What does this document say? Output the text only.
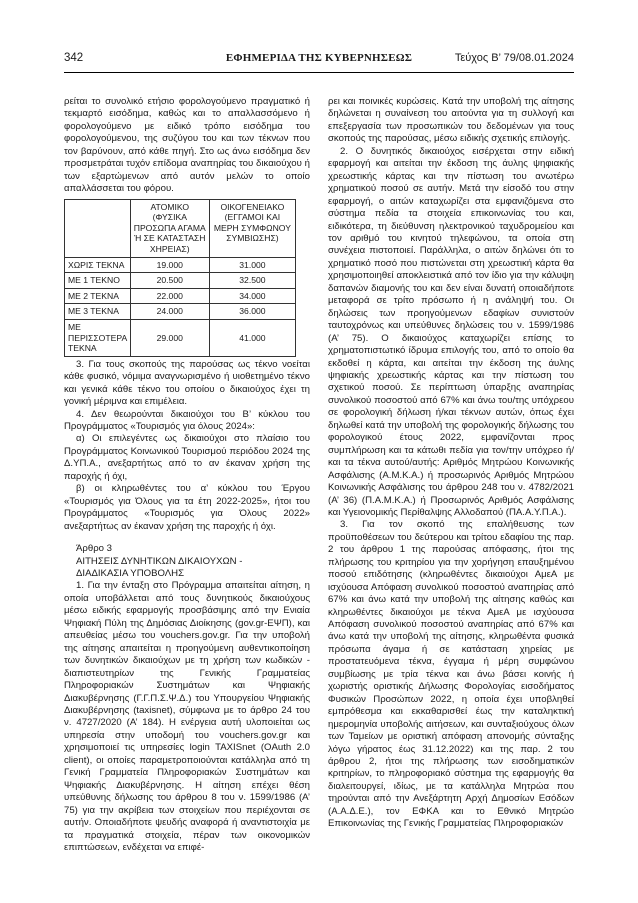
342	ΕΦΗΜΕΡΙΔΑ ΤΗΣ ΚΥΒΕΡΝΗΣΕΩΣ	Τεύχος B’ 79/08.01.2024

ρείται το συνολικό ετήσιο φορολογούμενο πραγματικό ή τεκμαρτό εισόδημα, καθώς και το απαλλασσόμενο ή φορολογούμενο με ειδικό τρόπο εισόδημα του φορολογούμενου, της συζύγου του και των τέκνων που τον βαρύνουν, από κάθε πηγή. Στο ως άνω εισόδημα δεν προσμετράται τυχόν επίδομα αναπηρίας του δικαιούχου ή των εξαρτώμενων από αυτόν μελών το οποίο απαλλάσσεται του φόρου.

	ΑΤΟΜΙΚΟ (ΦΥΣΙΚΑ ΠΡΟΣΩΠΑ ΑΓΑΜΑ Ή ΣΕ ΚΑΤΑΣΤΑΣΗ ΧΗΡΕΙΑΣ)	ΟΙΚΟΓΕΝΕΙΑΚΟ (ΕΓΓΑΜΟΙ ΚΑΙ ΜΕΡΗ ΣΥΜΦΩΝΟΥ ΣΥΜΒΙΩΣΗΣ)
ΧΩΡΙΣ ΤΕΚΝΑ	19.000	31.000
ΜΕ 1 ΤΕΚΝΟ	20.500	32.500
ΜΕ 2 ΤΕΚΝΑ	22.000	34.000
ΜΕ 3 ΤΕΚΝΑ	24.000	36.000
ΜΕ ΠΕΡΙΣΣΟΤΕΡΑ ΤΕΚΝΑ	29.000	41.000

3. Για τους σκοπούς της παρούσας ως τέκνο νοείται κάθε φυσικό, νόμιμα αναγνωρισμένο ή υιοθετημένο τέκνο και γενικά κάθε τέκνο του οποίου ο δικαιούχος έχει τη γονική μέριμνα και επιμέλεια.

4. Δεν θεωρούνται δικαιούχοι του B’ κύκλου του Προγράμματος «Τουρισμός για όλους 2024»:

α) Οι επιλεγέντες ως δικαιούχοι στο πλαίσιο του Προγράμματος Κοινωνικού Τουρισμού περιόδου 2024 της Δ.ΥΠ.Α., ανεξαρτήτως από το αν έκαναν χρήση της παροχής ή όχι,

β) οι κληρωθέντες του α’ κύκλου του Έργου «Τουρισμός για Όλους για τα έτη 2022-2025», ήτοι του Προγράμματος «Τουρισμός για Όλους 2022» ανεξαρτήτως αν έκαναν χρήση της παροχής ή όχι.

Άρθρο 3

ΑΙΤΗΣΕΙΣ ΔΥΝΗΤΙΚΩΝ ΔΙΚΑΙΟΥΧΩΝ -

ΔΙΑΔΙΚΑΣΙΑ ΥΠΟΒΟΛΗΣ

1. Για την ένταξη στο Πρόγραμμα απαιτείται αίτηση, η οποία υποβάλλεται από τους δυνητικούς δικαιούχους μέσω ειδικής εφαρμογής προσβάσιμης από την Ενιαία Ψηφιακή Πύλη της Δημόσιας Διοίκησης (gov.gr-ΕΨΠ), και απευθείας μέσω του vouchers.gov.gr. Για την υποβολή της αίτησης απαιτείται η προηγούμενη αυθεντικοποίηση των δυνητικών δικαιούχων με τη χρήση των κωδικών - διαπιστευτηρίων της Γενικής Γραμματείας Πληροφοριακών Συστημάτων και Ψηφιακής Διακυβέρνησης (Γ.Γ.Π.Σ.Ψ.Δ.) του Υπουργείου Ψηφιακής Διακυβέρνησης (taxisnet), σύμφωνα με το άρθρο 24 του ν. 4727/2020 (Α’ 184). Η ενέργεια αυτή υλοποιείται ως υπηρεσία στην υποδομή του vouchers.gov.gr και χρησιμοποιεί τις υπηρεσίες login TAXISnet (OAuth 2.0 client), οι οποίες παραμετροποιούνται κατάλληλα από τη Γενική Γραμματεία Πληροφοριακών Συστημάτων και Ψηφιακής Διακυβέρνησης. Η αίτηση επέχει θέση υπεύθυνης δήλωσης του άρθρου 8 του ν. 1599/1986 (Α’ 75) για την ακρίβεια των στοιχείων που περιέχονται σε αυτήν. Οποιαδήποτε ψευδής αναφορά ή αναντιστοιχία με τα πραγματικά στοιχεία, πέραν των οικονομικών επιπτώσεων, ενδέχεται να επιφέ-

ρει και ποινικές κυρώσεις. Κατά την υποβολή της αίτησης δηλώνεται η συναίνεση του αιτούντα για τη συλλογή και επεξεργασία των προσωπικών του δεδομένων για τους σκοπούς της παρούσας, μέσω ειδικής σχετικής επιλογής.

2. Ο δυνητικός δικαιούχος εισέρχεται στην ειδική εφαρμογή και αιτείται την έκδοση της άυλης ψηφιακής χρεωστικής κάρτας και την πίστωση του ανωτέρω χρηματικού ποσού σε αυτήν. Μετά την είσοδό του στην εφαρμογή, ο αιτών καταχωρίζει στα εμφανιζόμενα στο σύστημα πεδία τα στοιχεία επικοινωνίας του και, ειδικότερα, τη διεύθυνση ηλεκτρονικού ταχυδρομείου και τον αριθμό του κινητού τηλεφώνου, τα οποία στη συνέχεια πιστοποιεί. Παράλληλα, ο αιτών δηλώνει ότι το χρηματικό ποσό που πιστώνεται στη χρεωστική κάρτα θα χρησιμοποιηθεί αποκλειστικά από τον ίδιο για την κάλυψη δαπανών διαμονής του και δεν είναι δυνατή οποιαδήποτε μεταφορά σε τρίτο πρόσωπο ή η ανάληψή του. Οι δηλώσεις των προηγούμενων εδαφίων συνιστούν ταυτοχρόνως και υπεύθυνες δηλώσεις του ν. 1599/1986 (Α’ 75). Ο δικαιούχος καταχωρίζει επίσης το χρηματοπιστωτικό ίδρυμα επιλογής του, από το οποίο θα εκδοθεί η κάρτα, και αιτείται την έκδοση της άυλης ψηφιακής χρεωστικής κάρτας και την πίστωση του σχετικού ποσού. Σε περίπτωση ύπαρξης αναπηρίας συνολικού ποσοστού από 67% και άνω του/της υπόχρεου σε φορολογική δήλωση ή/και τέκνων αυτών, όπως έχει δηλωθεί κατά την υποβολή της φορολογικής δήλωσης του φορολογικού έτους 2022, εμφανίζονται προς συμπλήρωση και τα κάτωθι πεδία για τον/την υπόχρεο ή/και τα τέκνα αυτού/αυτής: Αριθμός Μητρώου Κοινωνικής Ασφάλισης (Α.Μ.Κ.Α.) ή προσωρινός Αριθμός Μητρώου Κοινωνικής Ασφάλισης του άρθρου 248 του ν. 4782/2021 (Α’ 36) (Π.Α.Μ.Κ.Α.) ή Προσωρινός Αριθμός Ασφάλισης και Υγειονομικής Περίθαλψης Αλλοδαπού (ΠΑ.Α.Υ.Π.Α.).

3. Για τον σκοπό της επαλήθευσης των προϋποθέσεων του δεύτερου και τρίτου εδαφίου της παρ. 2 του άρθρου 1 της παρούσας απόφασης, ήτοι της πλήρωσης του κριτηρίου για την χορήγηση επαυξημένου ποσού επιδότησης (κληρωθέντες δικαιούχοι ΑμεΑ με ισχύουσα Απόφαση συνολικού ποσοστού αναπηρίας από 67% και άνω κατά την υποβολή της αίτησης καθώς και κληρωθέντες δικαιούχοι με τέκνα ΑμεΑ με ισχύουσα Απόφαση συνολικού ποσοστού αναπηρίας από 67% και άνω κατά την υποβολή της αίτησης, κληρωθέντα φυσικά πρόσωπα άγαμα ή σε κατάσταση χηρείας με προστατευόμενα τέκνα, έγγαμα ή μέρη συμφώνου συμβίωσης με τρία τέκνα και άνω βάσει κοινής ή χωριστής οριστικής Δήλωσης Φορολογίας εισοδήματος Φυσικών Προσώπων 2022, η οποία έχει υποβληθεί εμπρόθεσμα και εκκαθαρισθεί έως την καταληκτική ημερομηνία υποβολής αιτήσεων, και συνταξιούχους όλων των Ταμείων με οριστική απόφαση απονομής σύνταξης λόγω γήρατος έως 31.12.2022) και της παρ. 2 του άρθρου 2, ήτοι της πλήρωσης των εισοδηματικών κριτηρίων, το πληροφοριακό σύστημα της εφαρμογής θα διαλειτουργεί, ιδίως, με τα κατάλληλα Μητρώα που τηρούνται από την Ανεξάρτητη Αρχή Δημοσίων Εσόδων (Α.Α.Δ.Ε.), τον ΕΦΚΑ και το Εθνικό Μητρώο Επικοινωνίας της Γενικής Γραμματείας Πληροφοριακών
